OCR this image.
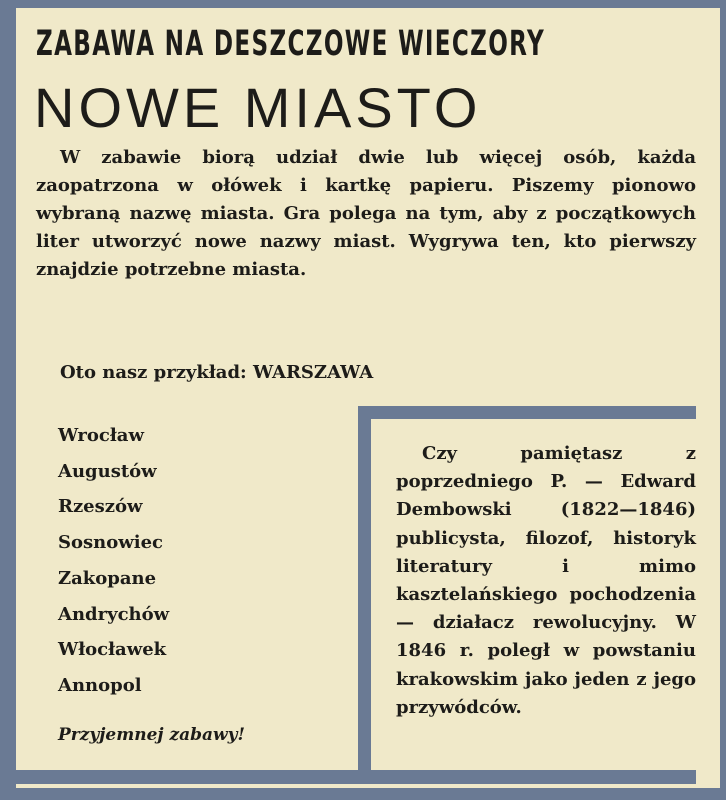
ZABAWA NA DESZCZOWE WIECZORY
NOWE MIASTO

W zabawie biorą udział dwie lub więcej osób, każda zaopatrzona w ołówek i kartkę papieru. Piszemy pionowo wybraną nazwę miasta. Gra polega na tym, aby z początkowych liter utworzyć nowe nazwy miast. Wygrywa ten, kto pierwszy znajdzie potrzebne miasta.

Oto nasz przykład: WARSZAWA
Wrocław
Augustów
Rzeszów
Sosnowiec
Zakopane
Andrychów
Włocławek
Annopol
Przyjemnej zabawy!

Czy pamiętasz z poprzedniego P. — Edward Dembowski (1822—1846) publicysta, filozof, historyk literatury i mimo kasztelańskiego pochodzenia — działacz rewolucyjny. W 1846 r. poległ w powstaniu krakowskim jako jeden z jego przywódców.
